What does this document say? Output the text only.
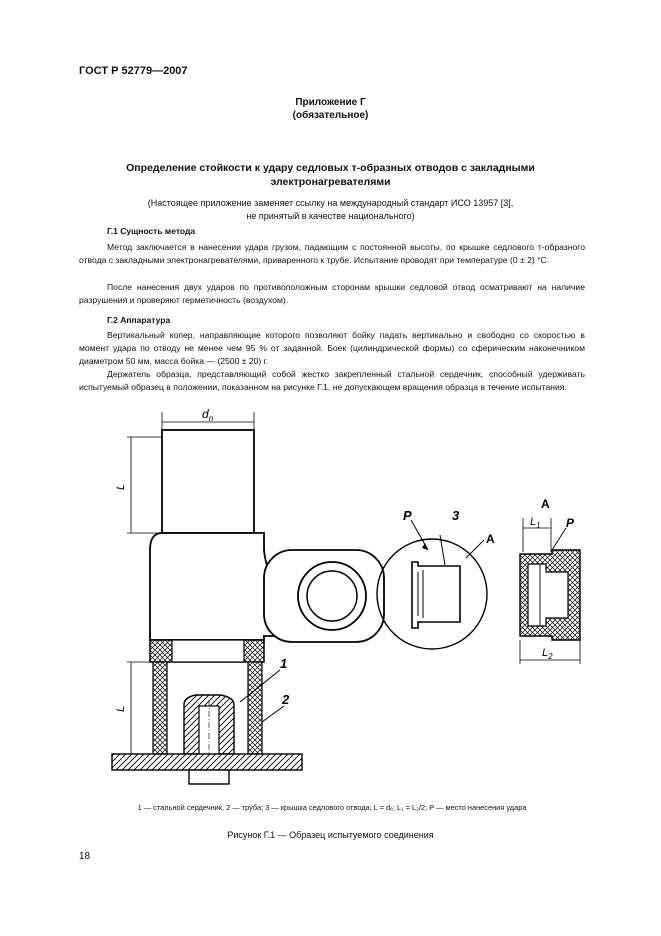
ГОСТ Р 52779—2007
Приложение Г
(обязательное)
Определение стойкости к удару седловых т-образных отводов с закладными
электронагревателями
(Настоящее приложение заменяет ссылку на международный стандарт ИСО 13957 [3],
не принятый в качестве национального)
Г.1 Сущность метода
Метод заключается в нанесении удара грузом, падающим с постоянной высоты, по крышке седлового т-образного отвода с закладными электронагревателями, приваренного к трубе. Испытание проводят при температуре (0 ± 2) °С.
После нанесения двух ударов по противоположным сторонам крышки седловой отвод осматривают на наличие разрушения и проверяют герметичность (воздухом).
Г.2 Аппаратура
Вертикальный копер, направляющие которого позволяют бойку падать вертикально и свободно со скоростью в момент удара по отводу не менее чем 95 % от заданной. Боек (цилиндрической формы) со сферическим наконечником диаметром 50 мм, масса бойка — (2500 ± 20) г.
Держатель образца, представляющий собой жестко закрепленный стальной сердечник, способный удерживать испытуемый образец в положении, показанном на рисунке Г.1, не допускающем вращения образца в течение испытания.
$d_n$
L
P	3
A
L
1
2
A
$L_1$ P
$L_2$
1 — стальной сердечник, 2 — труба; 3 — крышка седлового отвода; L = dₑ; L₁ = L₂/2; P — место нанесения удара
Рисунок Г.1 — Образец испытуемого соединения
18
